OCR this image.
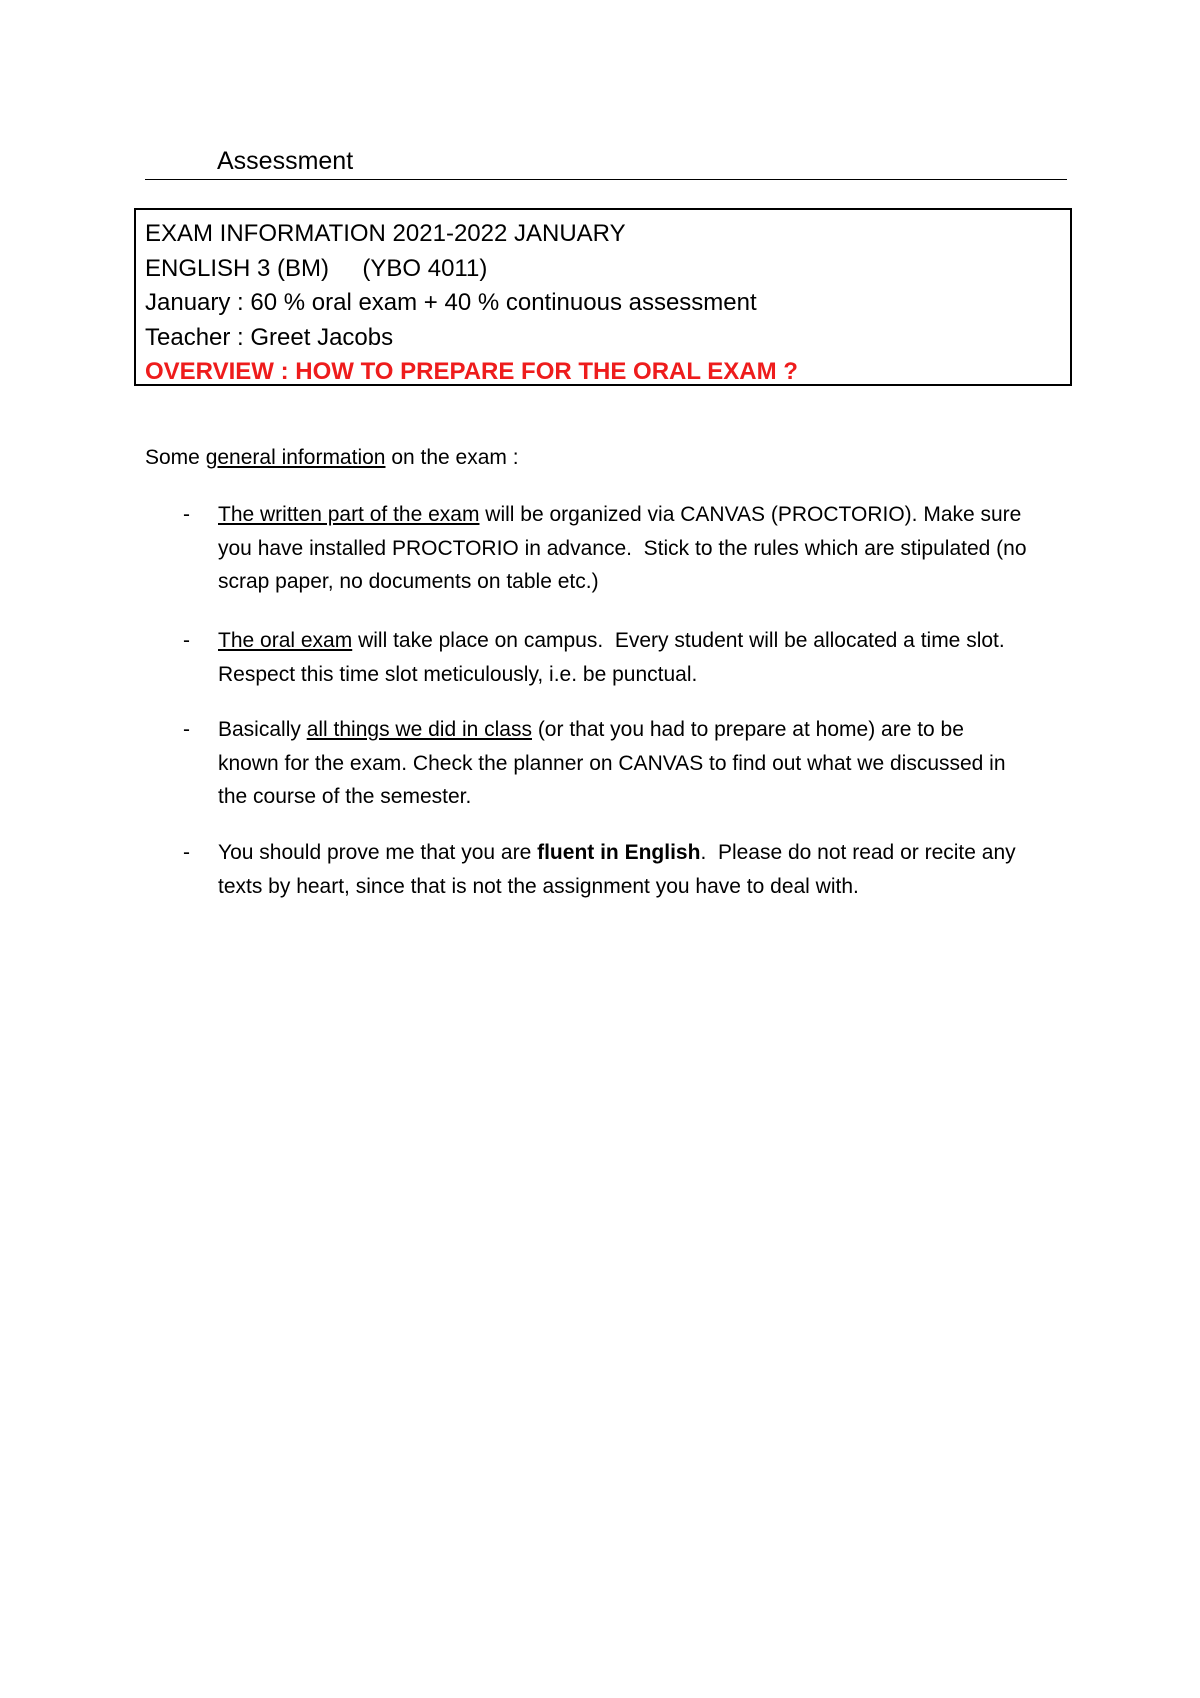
Assessment
EXAM INFORMATION 2021-2022 JANUARY
ENGLISH 3 (BM)     (YBO 4011)
January : 60 % oral exam + 40 % continuous assessment
Teacher : Greet Jacobs
OVERVIEW : HOW TO PREPARE FOR THE ORAL EXAM ?
Some general information on the exam :
- The written part of the exam will be organized via CANVAS (PROCTORIO). Make sure
you have installed PROCTORIO in advance.  Stick to the rules which are stipulated (no
scrap paper, no documents on table etc.)
- The oral exam will take place on campus.  Every student will be allocated a time slot.
Respect this time slot meticulously, i.e. be punctual.
- Basically all things we did in class (or that you had to prepare at home) are to be
known for the exam. Check the planner on CANVAS to find out what we discussed in
the course of the semester.
- You should prove me that you are fluent in English.  Please do not read or recite any
texts by heart, since that is not the assignment you have to deal with.
